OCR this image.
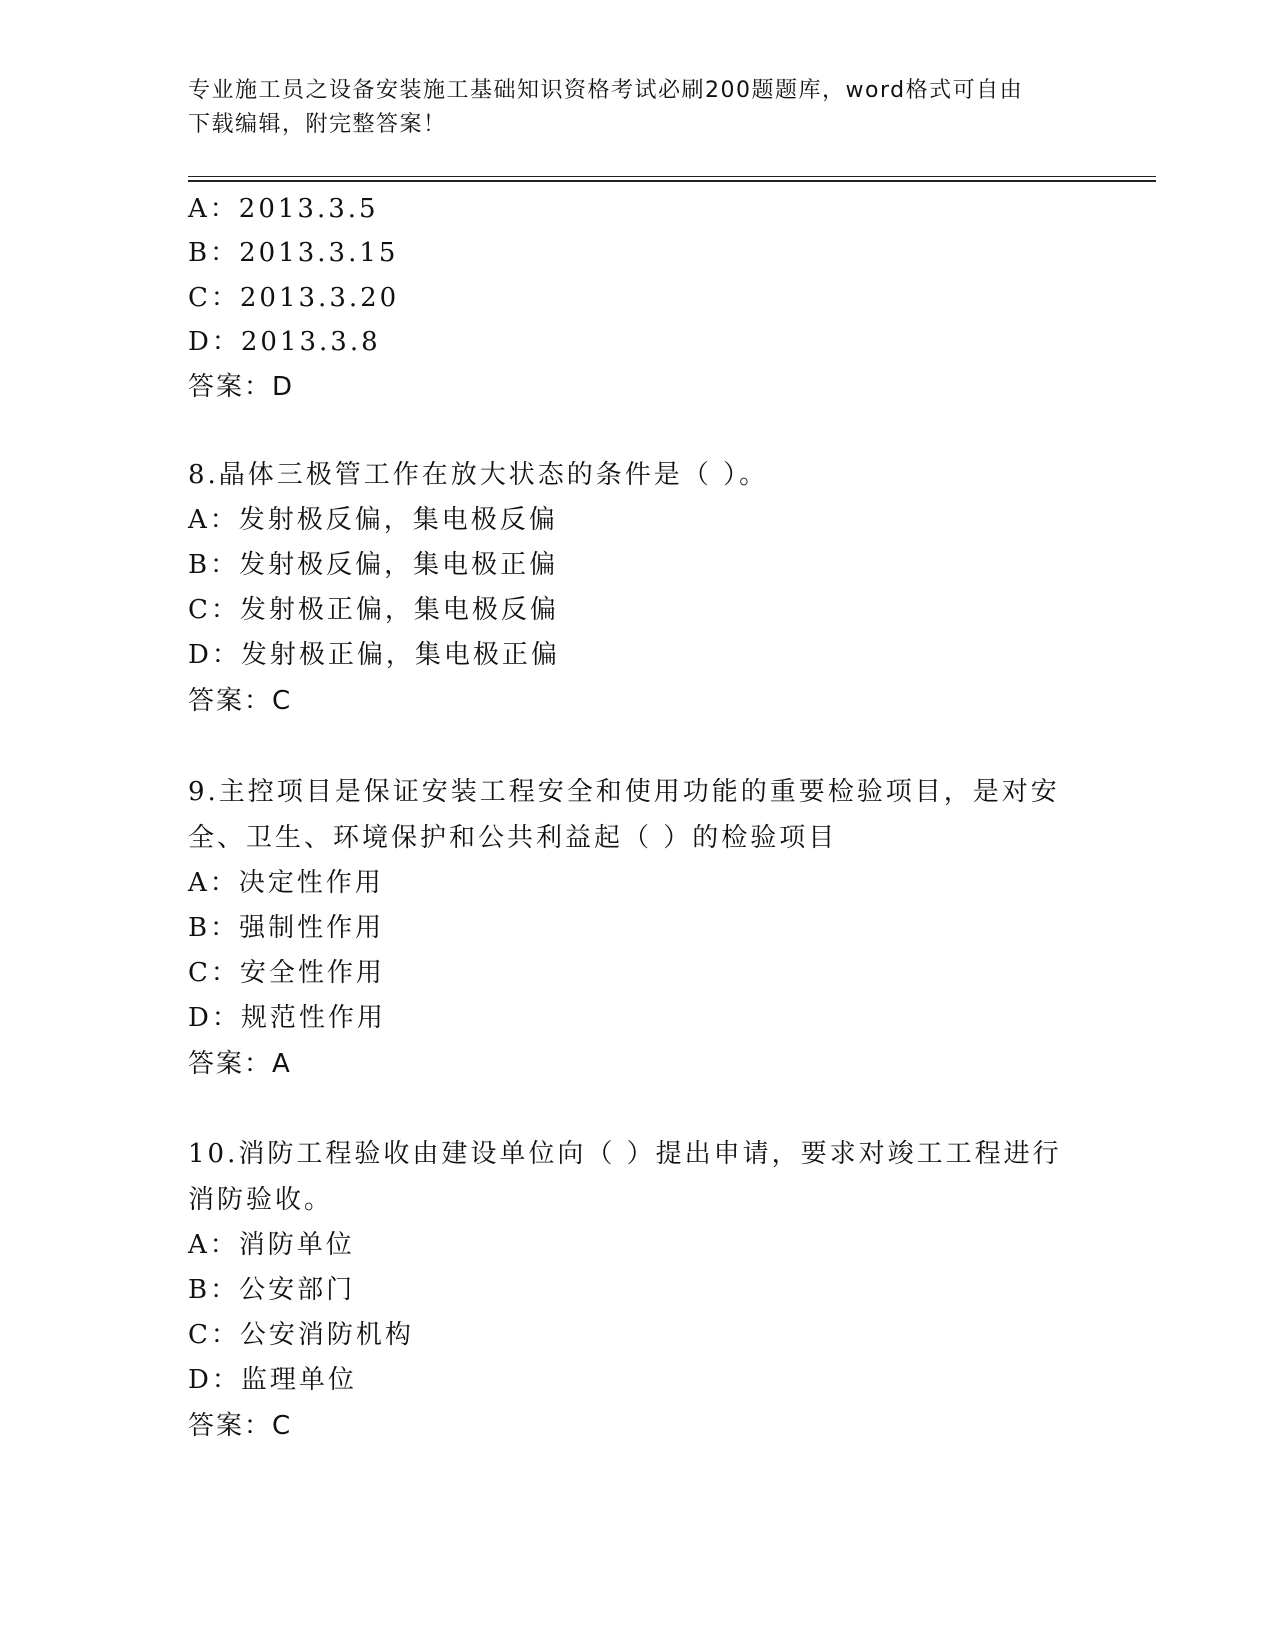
专业施工员之设备安装施工基础知识资格考试必刷200题题库，word格式可自由
下载编辑，附完整答案！
A：2013.3.5
B：2013.3.15
C：2013.3.20
D：2013.3.8
答案：D
8.晶体三极管工作在放大状态的条件是（ ）。
A：发射极反偏，集电极反偏
B：发射极反偏，集电极正偏
C：发射极正偏，集电极反偏
D：发射极正偏，集电极正偏
答案：C
9.主控项目是保证安装工程安全和使用功能的重要检验项目，是对安
全、卫生、环境保护和公共利益起（ ）的检验项目
A：决定性作用
B：强制性作用
C：安全性作用
D：规范性作用
答案：A
10.消防工程验收由建设单位向（ ）提出申请，要求对竣工工程进行
消防验收。
A：消防单位
B：公安部门
C：公安消防机构
D：监理单位
答案：C
